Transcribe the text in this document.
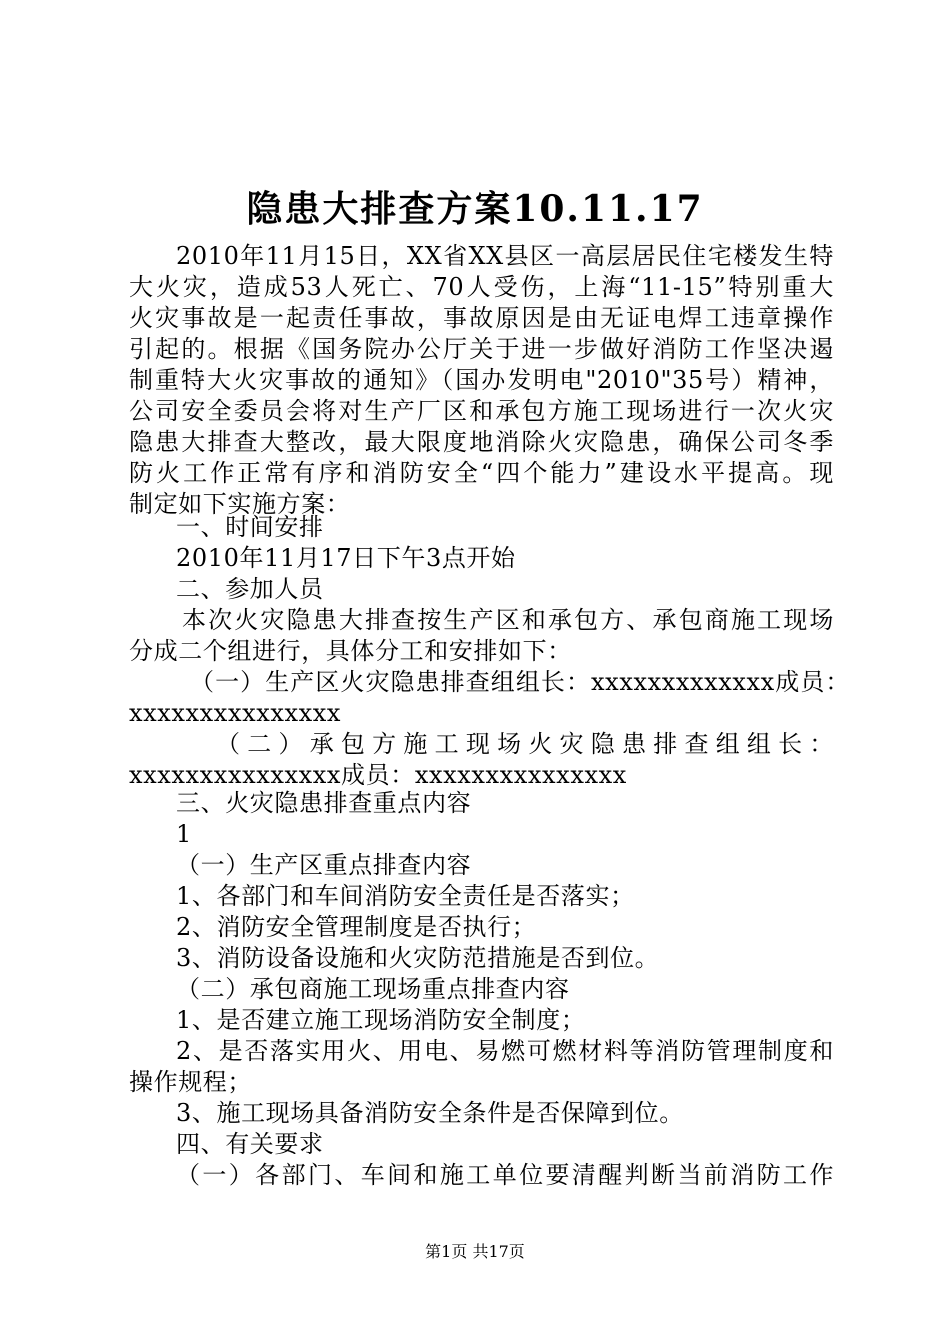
隐患大排查方案10.11.17
2010年11月15日，XX省XX县区一高层居民住宅楼发生特
大火灾，造成53人死亡、70人受伤，上海“11-15”特别重大
火灾事故是一起责任事故，事故原因是由无证电焊工违章操作
引起的。根据《国务院办公厅关于进一步做好消防工作坚决遏
制重特大火灾事故的通知》（国办发明电"2010"35号）精神，
公司安全委员会将对生产厂区和承包方施工现场进行一次火灾
隐患大排查大整改，最大限度地消除火灾隐患，确保公司冬季
防火工作正常有序和消防安全“四个能力”建设水平提高。现
制定如下实施方案：
一、时间安排
2010年11月17日下午3点开始
二、参加人员
本次火灾隐患大排查按生产区和承包方、承包商施工现场
分成二个组进行，具体分工和安排如下：
（一）生产区火灾隐患排查组组长：xxxxxxxxxxxxx成员：
xxxxxxxxxxxxxxx
（二）承包方施工现场火灾隐患排查组组长：
xxxxxxxxxxxxxxx成员：xxxxxxxxxxxxxxx
三、火灾隐患排查重点内容
1
（一）生产区重点排查内容
1、各部门和车间消防安全责任是否落实；
2、消防安全管理制度是否执行；
3、消防设备设施和火灾防范措施是否到位。
（二）承包商施工现场重点排查内容
1、是否建立施工现场消防安全制度；
2、是否落实用火、用电、易燃可燃材料等消防管理制度和
操作规程；
3、施工现场具备消防安全条件是否保障到位。
四、有关要求
（一）各部门、车间和施工单位要清醒判断当前消防工作
第1页 共17页
